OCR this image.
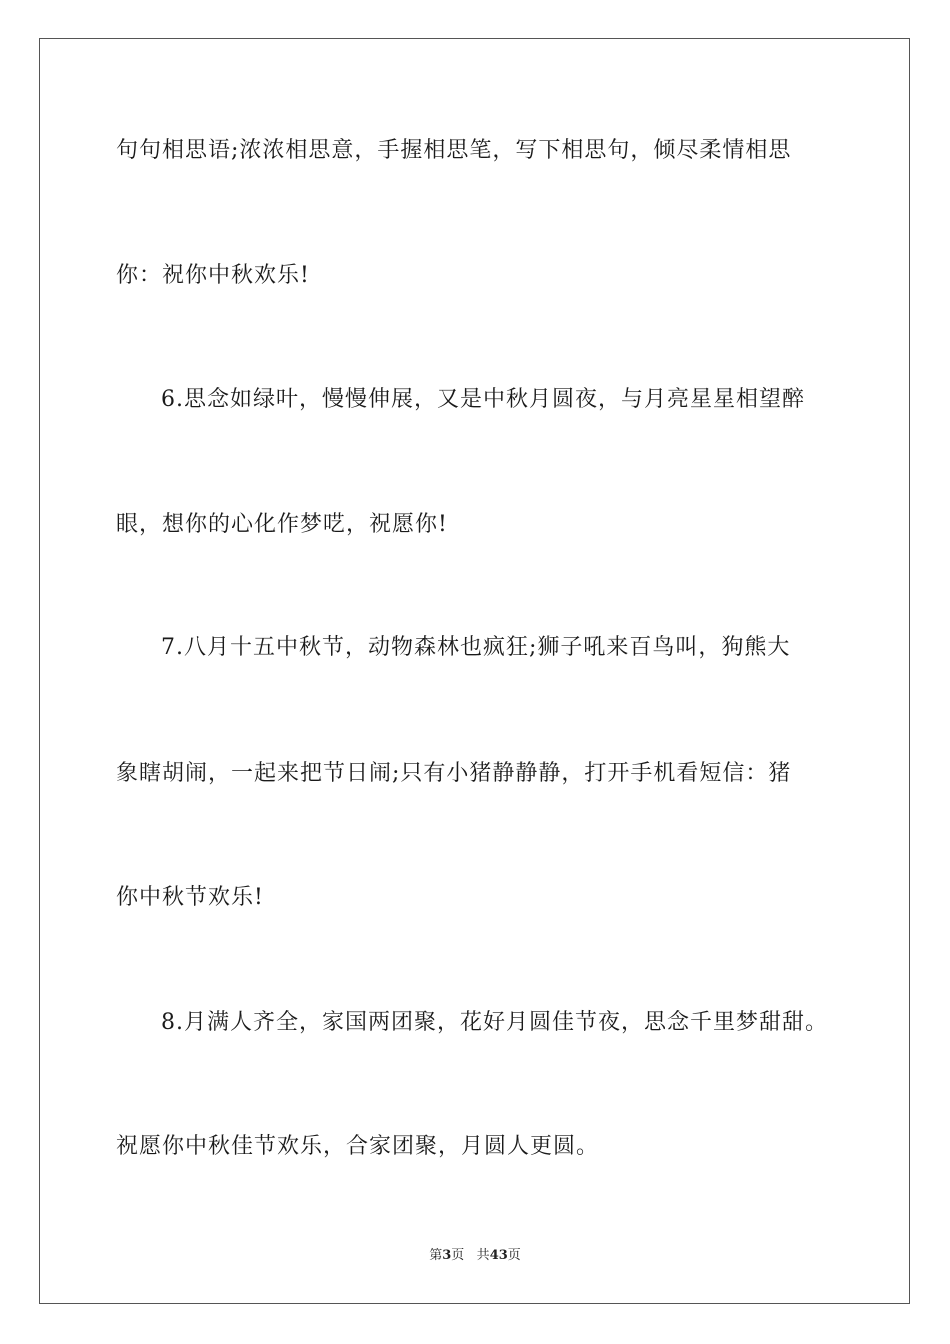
句句相思语;浓浓相思意，手握相思笔，写下相思句，倾尽柔情相思
你：祝你中秋欢乐!
6.思念如绿叶，慢慢伸展，又是中秋月圆夜，与月亮星星相望醉
眼，想你的心化作梦呓，祝愿你!
7.八月十五中秋节，动物森林也疯狂;狮子吼来百鸟叫，狗熊大
象瞎胡闹，一起来把节日闹;只有小猪静静静，打开手机看短信：猪
你中秋节欢乐!
8.月满人齐全，家国两团聚，花好月圆佳节夜，思念千里梦甜甜。
祝愿你中秋佳节欢乐，合家团聚，月圆人更圆。
第3页 共43页
